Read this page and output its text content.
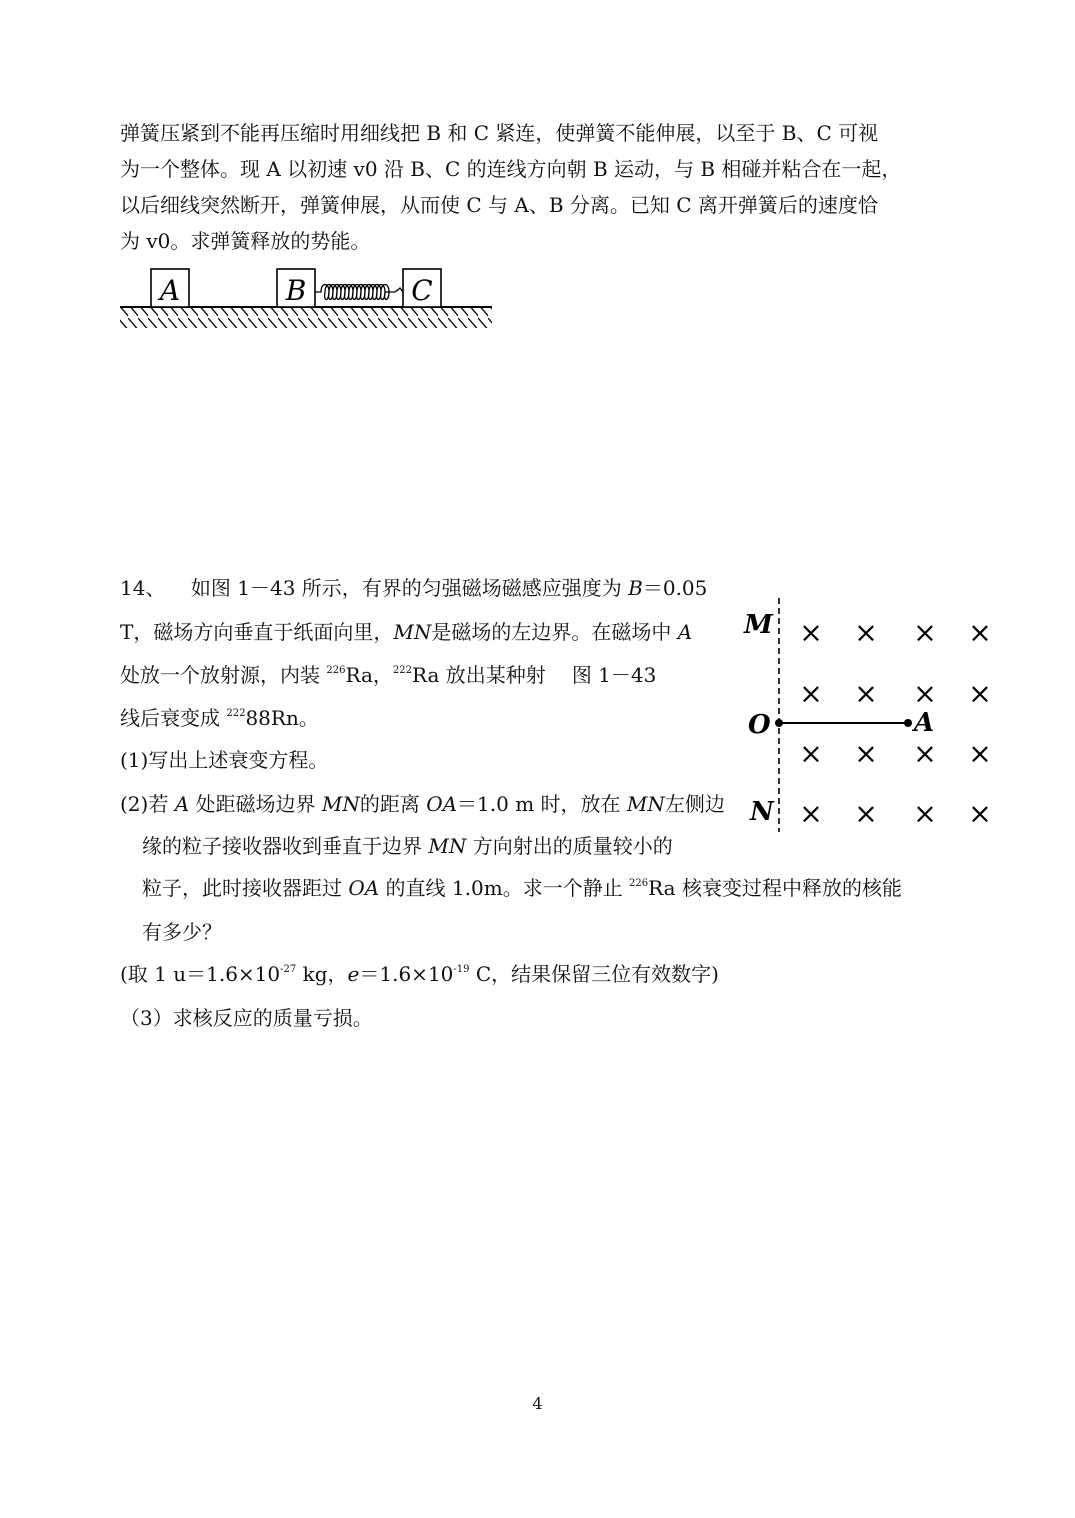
弹簧压紧到不能再压缩时用细线把 B 和 C 紧连，使弹簧不能伸展，以至于 B、C 可视
为一个整体。现 A 以初速 v0 沿 B、C 的连线方向朝 B 运动，与 B 相碰并粘合在一起，
以后细线突然断开，弹簧伸展，从而使 C 与 A、B 分离。已知 C 离开弹簧后的速度恰
为 v0。求弹簧释放的势能。
A	B	C
14、 如图 1－43 所示，有界的匀强磁场磁感应强度为 B＝0.05
T，磁场方向垂直于纸面向里，MN是磁场的左边界。在磁场中 A
处放一个放射源，内装 $^{226}$Ra，$^{222}$Ra 放出某种射 图 1－43
线后衰变成 $^{222}$88Rn。
(1)写出上述衰变方程。
(2)若 A 处距磁场边界 MN的距离 OA＝1.0 m 时，放在 MN左侧边
缘的粒子接收器收到垂直于边界 MN 方向射出的质量较小的
粒子，此时接收器距过 OA 的直线 1.0m。求一个静止 $^{226}$Ra 核衰变过程中释放的核能
有多少？
(取 1 $u=1.6\times 10^{-27}$ kg，$e=1.6\times 10^{-19}$ C，结果保留三位有效数字)
（3）求核反应的质量亏损。
M
O
N
A
× × × ×
× × × ×
× × × ×
× × × ×
4
